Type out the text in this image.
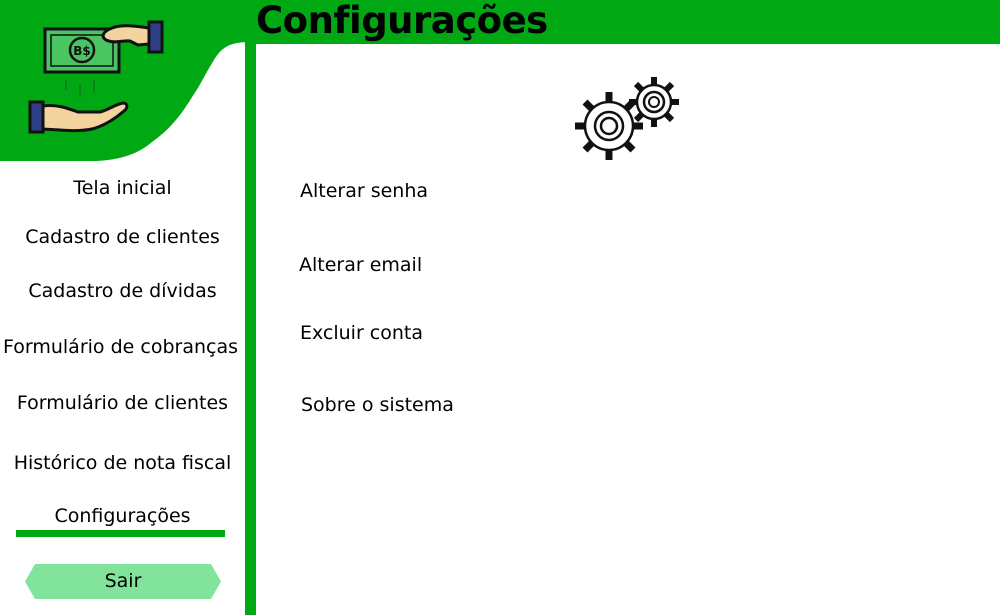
Configurações
B$
Tela inicial
Cadastro de clientes
Cadastro de dívidas
Formulário de cobranças
Formulário de clientes
Histórico de nota fiscal
Configurações
Sair
Alterar senha
Alterar email
Excluir conta
Sobre o sistema
